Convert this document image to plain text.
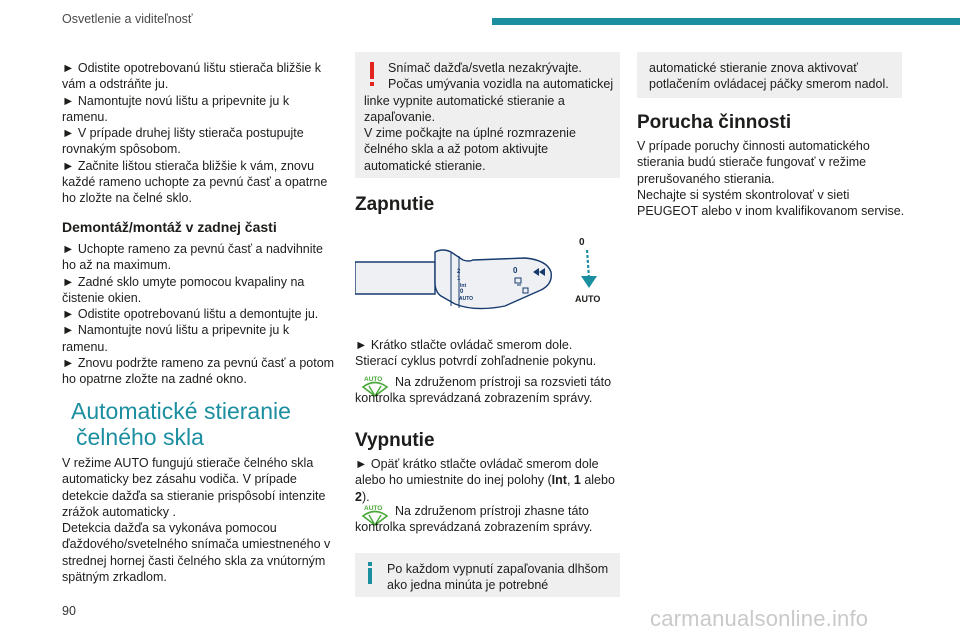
Osvetlenie a viditeľnosť

► Odistite opotrebovanú lištu stierača bližšie k vám a odstráňte ju.

► Namontujte novú lištu a pripevnite ju k ramenu.

► V prípade druhej lišty stierača postupujte rovnakým spôsobom.

► Začnite lištou stierača bližšie k vám, znovu každé rameno uchopte za pevnú časť a opatrne ho zložte na čelné sklo.

Demontáž/montáž v zadnej časti

► Uchopte rameno za pevnú časť a nadvihnite ho až na maximum.

► Zadné sklo umyte pomocou kvapaliny na čistenie okien.

► Odistite opotrebovanú lištu a demontujte ju.

► Namontujte novú lištu a pripevnite ju k ramenu.

► Znovu podržte rameno za pevnú časť a potom ho opatrne zložte na zadné okno.

Automatické stieranie
čelného skla

V režime AUTO fungujú stierače čelného skla automaticky bez zásahu vodiča. V prípade detekcie dažďa sa stieranie prispôsobí intenzite zrážok automaticky .

Detekcia dažďa sa vykonáva pomocou ďaždového/svetelného snímača umiestneného v strednej hornej časti čelného skla za vnútorným spätným zrkadlom.

Snímač dažďa/svetla nezakrývajte.

Počas umývania vozidla na automatickej linke vypnite automatické stieranie a zapaľovanie.

V zime počkajte na úplné rozmrazenie čelného skla a až potom aktivujte automatické stieranie.

Zapnutie
2
1
Int
0
AUTO
0
0
AUTO

► Krátko stlačte ovládač smerom dole.

Stierací cyklus potvrdí zohľadnenie pokynu.

AUTO	Na združenom prístroji sa rozsvieti táto kontrolka sprevádzaná zobrazením správy.

Vypnutie

► Opäť krátko stlačte ovládač smerom dole alebo ho umiestnite do inej polohy (Int, 1 alebo
2).

AUTO	Na združenom prístroji zhasne táto kontrolka sprevádzaná zobrazením správy.

Po každom vypnutí zapaľovania dlhšom ako jedna minúta je potrebné
automatické stieranie znova aktivovať potlačením ovládacej páčky smerom nadol.
Porucha činnosti

V prípade poruchy činnosti automatického stierania budú stierače fungovať v režime prerušovaného stierania.

Nechajte si systém skontrolovať v sieti PEUGEOT alebo v inom kvalifikovanom servise.

90	carmanualsonline.info
